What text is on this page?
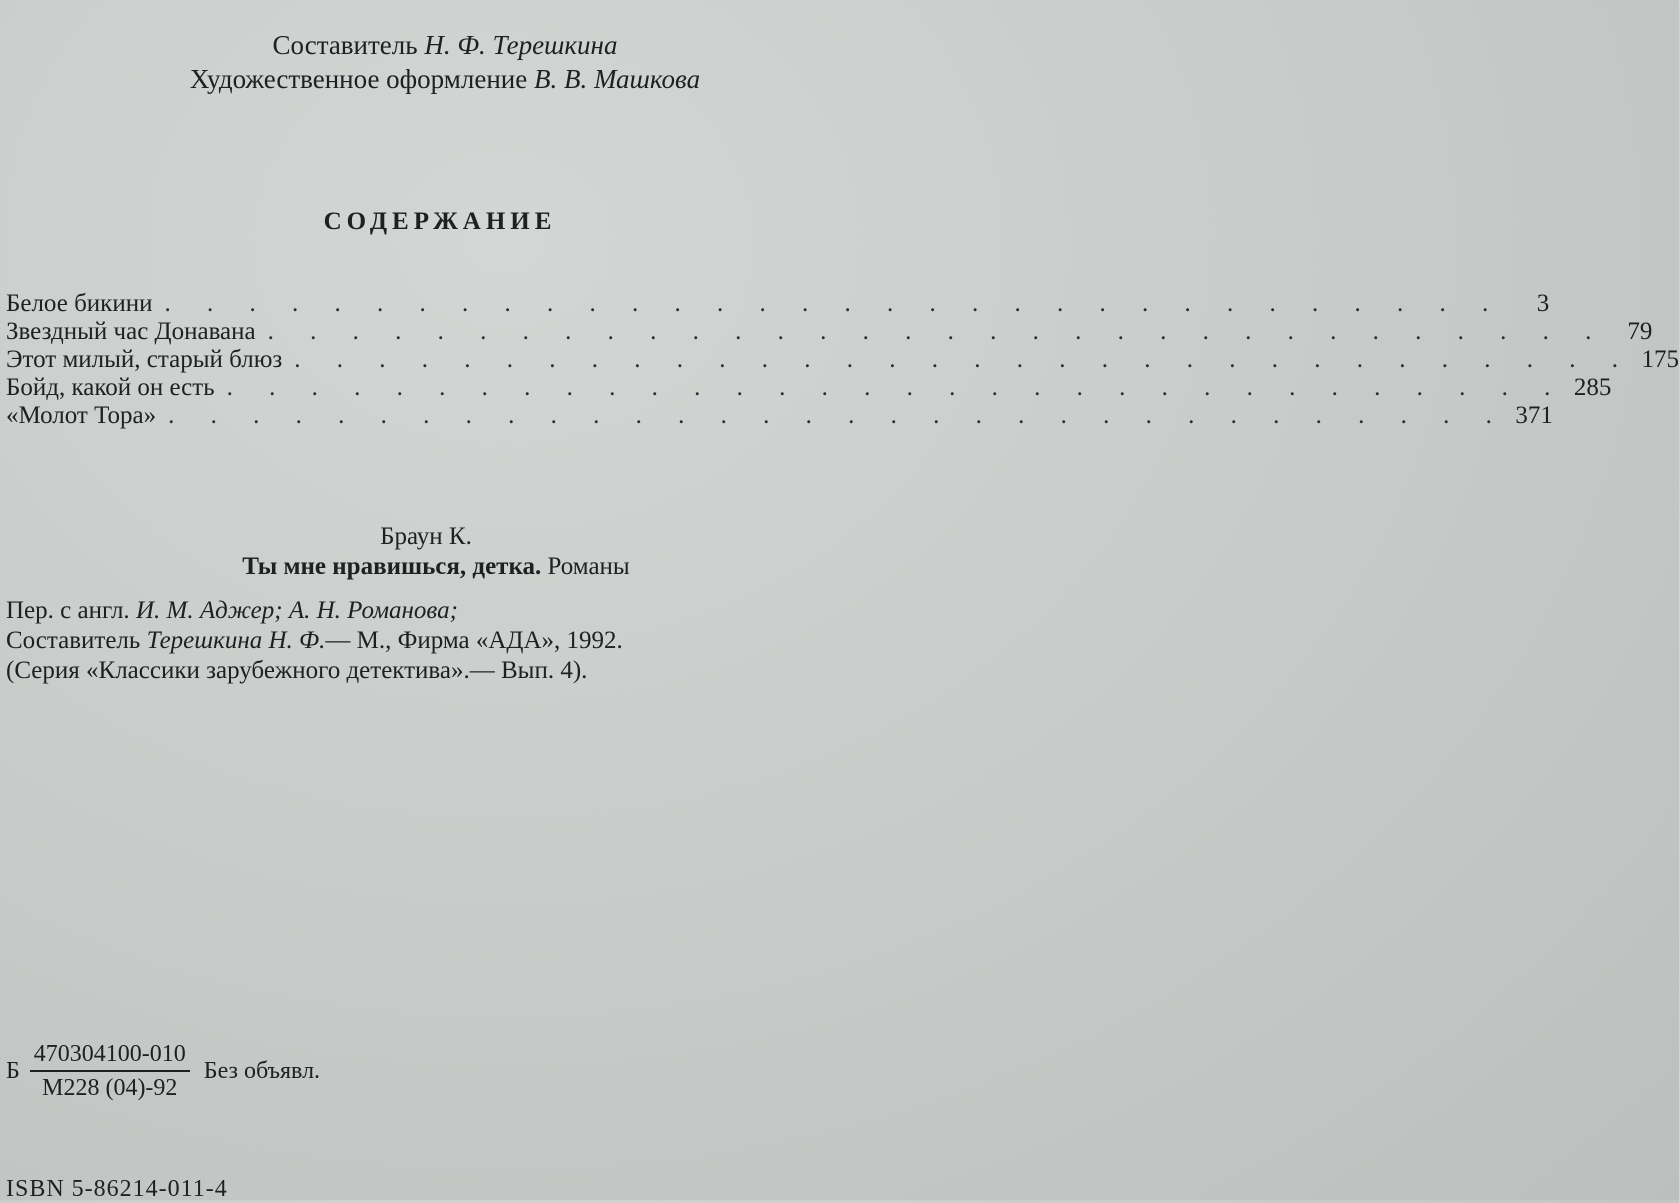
Составитель Н. Ф. Терешкина
Художественное оформление В. В. Машкова
СОДЕРЖАНИЕ
Белое бикини . . . . . . . . . . . . . . . . . . . . . . . . . . . . . . . .	3
Звездный час Донавана . . . . . . . . . . . . . . . . . . . . . . . . . . . . . . . . 79
Этот милый, старый блюз . . . . . . . . . . . . . . . . . . . . . . . . . . . . . . . . 175
Бойд, какой он есть . . . . . . . . . . . . . . . . . . . . . . . . . . . . . . . . 285
«Молот Тора» . . . . . . . . . . . . . . . . . . . . . . . . . . . . . . . . 371
Браун К.
Ты мне нравишься, детка. Романы
Пер. с англ. И. М. Аджер; А. Н. Романова;
Составитель Терешкина Н. Ф.— М., Фирма «АДА», 1992.
(Серия «Классики зарубежного детектива».— Вып. 4).
Б $\frac{470304100-010}{М228 (04)-92}$ Без объявл.
ISBN 5-86214-011-4
